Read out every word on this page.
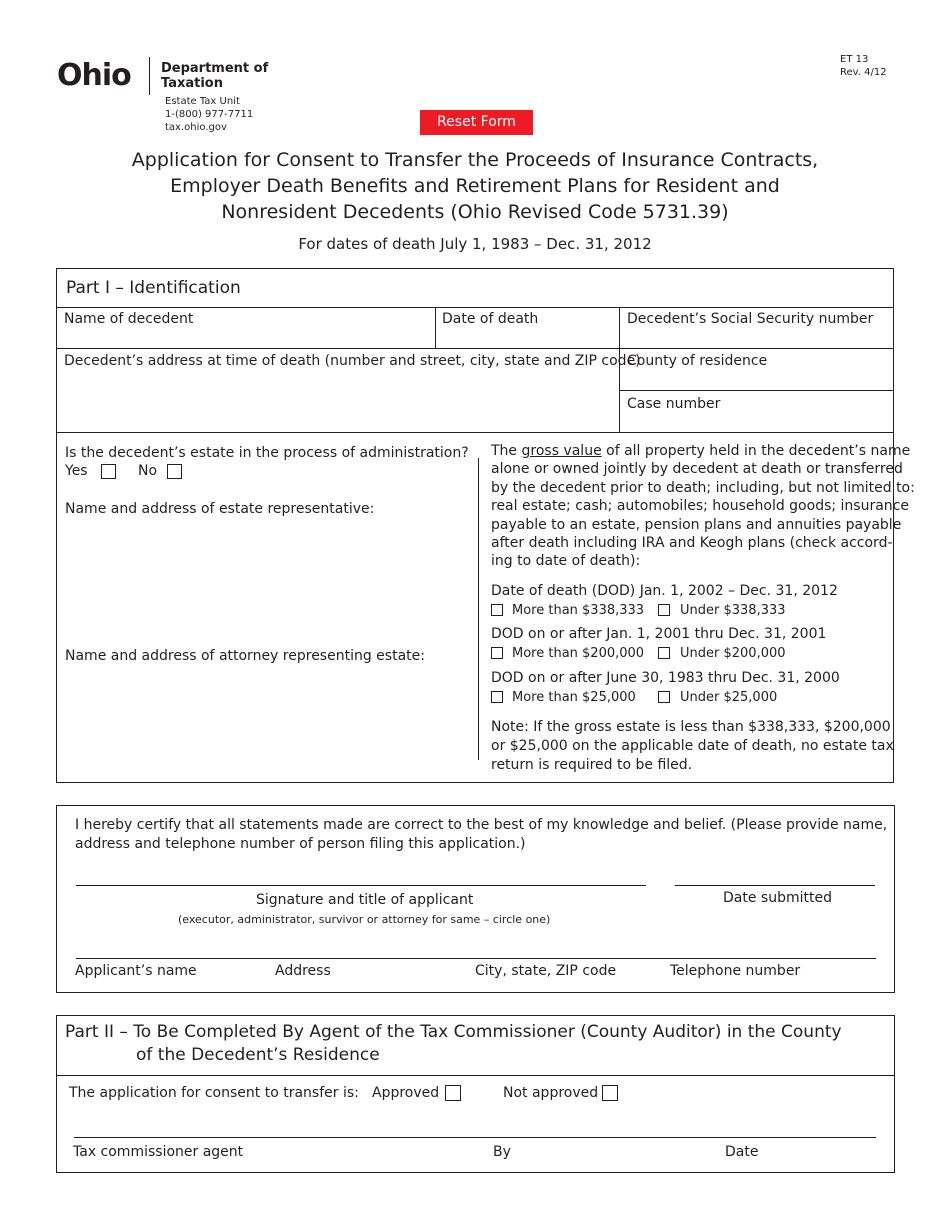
Ohio Department of
Taxation
Estate Tax Unit
1-(800) 977-7711
tax.ohio.gov
ET 13
Rev. 4/12
Reset Form
Application for Consent to Transfer the Proceeds of Insurance Contracts,
Employer Death Benefits and Retirement Plans for Resident and
Nonresident Decedents (Ohio Revised Code 5731.39)
For dates of death July 1, 1983 – Dec. 31, 2012
Part I – Identification
Name of decedent	Date of death	Decedent’s Social Security number
Decedent’s address at time of death (number and street, city, state and ZIP code)
County of residence
Case number
Is the decedent’s estate in the process of administration?
Yes	No
Name and address of estate representative:
Name and address of attorney representing estate:
The gross value of all property held in the decedent’s name
alone or owned jointly by decedent at death or transferred
by the decedent prior to death; including, but not limited to:
real estate; cash; automobiles; household goods; insurance
payable to an estate, pension plans and annuities payable
after death including IRA and Keogh plans (check accord-
ing to date of death):
Date of death (DOD) Jan. 1, 2002 – Dec. 31, 2012
More than $338,333	Under $338,333
DOD on or after Jan. 1, 2001 thru Dec. 31, 2001
More than $200,000	Under $200,000
DOD on or after June 30, 1983 thru Dec. 31, 2000
More than $25,000	Under $25,000
Note: If the gross estate is less than $338,333, $200,000
or $25,000 on the applicable date of death, no estate tax
return is required to be filed.
I hereby certify that all statements made are correct to the best of my knowledge and belief. (Please provide name,
address and telephone number of person filing this application.)
Signature and title of applicant
(executor, administrator, survivor or attorney for same – circle one)
Date submitted
Applicant’s name	Address	City, state, ZIP code	Telephone number
Part II – To Be Completed By Agent of the Tax Commissioner (County Auditor) in the County
of the Decedent’s Residence
The application for consent to transfer is: Approved	Not approved
Tax commissioner agent	By	Date
